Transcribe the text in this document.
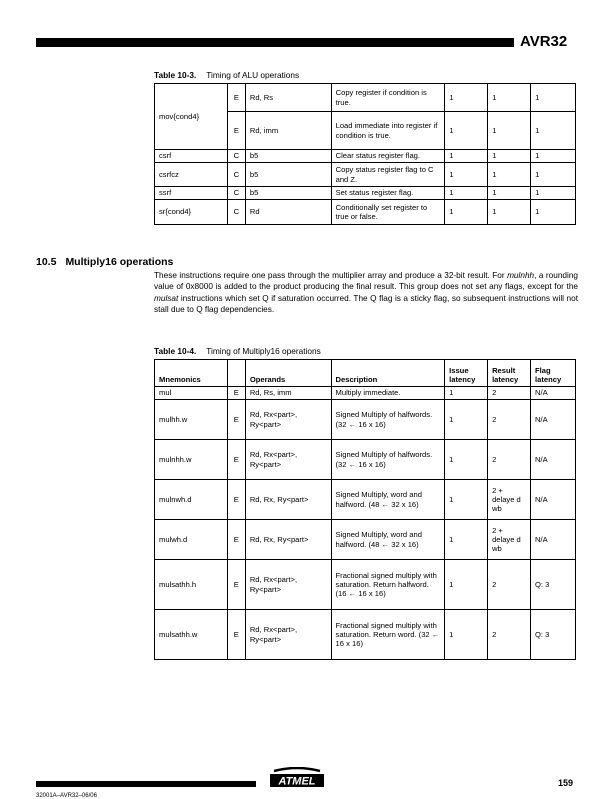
AVR32
Table 10-3. Timing of ALU operations
mov{cond4}	E	Rd, Rs	Copy register if condition is true.	1	1	1
	E	Rd, imm	Load immediate into register if condition is true.	1	1	1
csrf	C	b5	Clear status register flag.	1	1	1
csrfcz	C	b5	Copy status register flag to C and Z.	1	1	1
ssrf	C	b5	Set status register flag.	1	1	1
sr{cond4}	C	Rd	Conditionally set register to true or false.	1	1	1
10.5 Multiply16 operations
These instructions require one pass through the multiplier array and produce a 32-bit result. For mulnhh, a rounding value of 0x8000 is added to the product producing the final result. This group does not set any flags, except for the mulsat instructions which set Q if saturation occurred. The Q flag is a sticky flag, so subsequent instructions will not stall due to Q flag dependencies.
Table 10-4. Timing of Multiply16 operations
Mnemonics		Operands	Description	Issue latency	Result latency	Flag latency
mul	E	Rd, Rs, imm	Multiply immediate.	1	2	N/A
mulhh.w	E	Rd, Rx<part>, Ry<part>	Signed Multiply of halfwords. (32 ← 16 x 16)	1	2	N/A
mulnhh.w	E	Rd, Rx<part>, Ry<part>	Signed Multiply of halfwords. (32 ← 16 x 16)	1	2	N/A
mulnwh.d	E	Rd, Rx, Ry<part>	Signed Multiply, word and halfword. (48 ← 32 x 16)	1	2 + delaye d wb	N/A
mulwh.d	E	Rd, Rx, Ry<part>	Signed Multiply, word and halfword. (48 ← 32 x 16)	1	2 + delaye d wb	N/A
mulsathh.h	E	Rd, Rx<part>, Ry<part>	Fractional signed multiply with saturation. Return halfword. (16 ← 16 x 16)	1	2	Q: 3
mulsathh.w	E	Rd, Rx<part>, Ry<part>	Fractional signed multiply with saturation. Return word. (32 ← 16 x 16)	1	2	Q: 3
ATMEL	159
32001A–AVR32–06/06
